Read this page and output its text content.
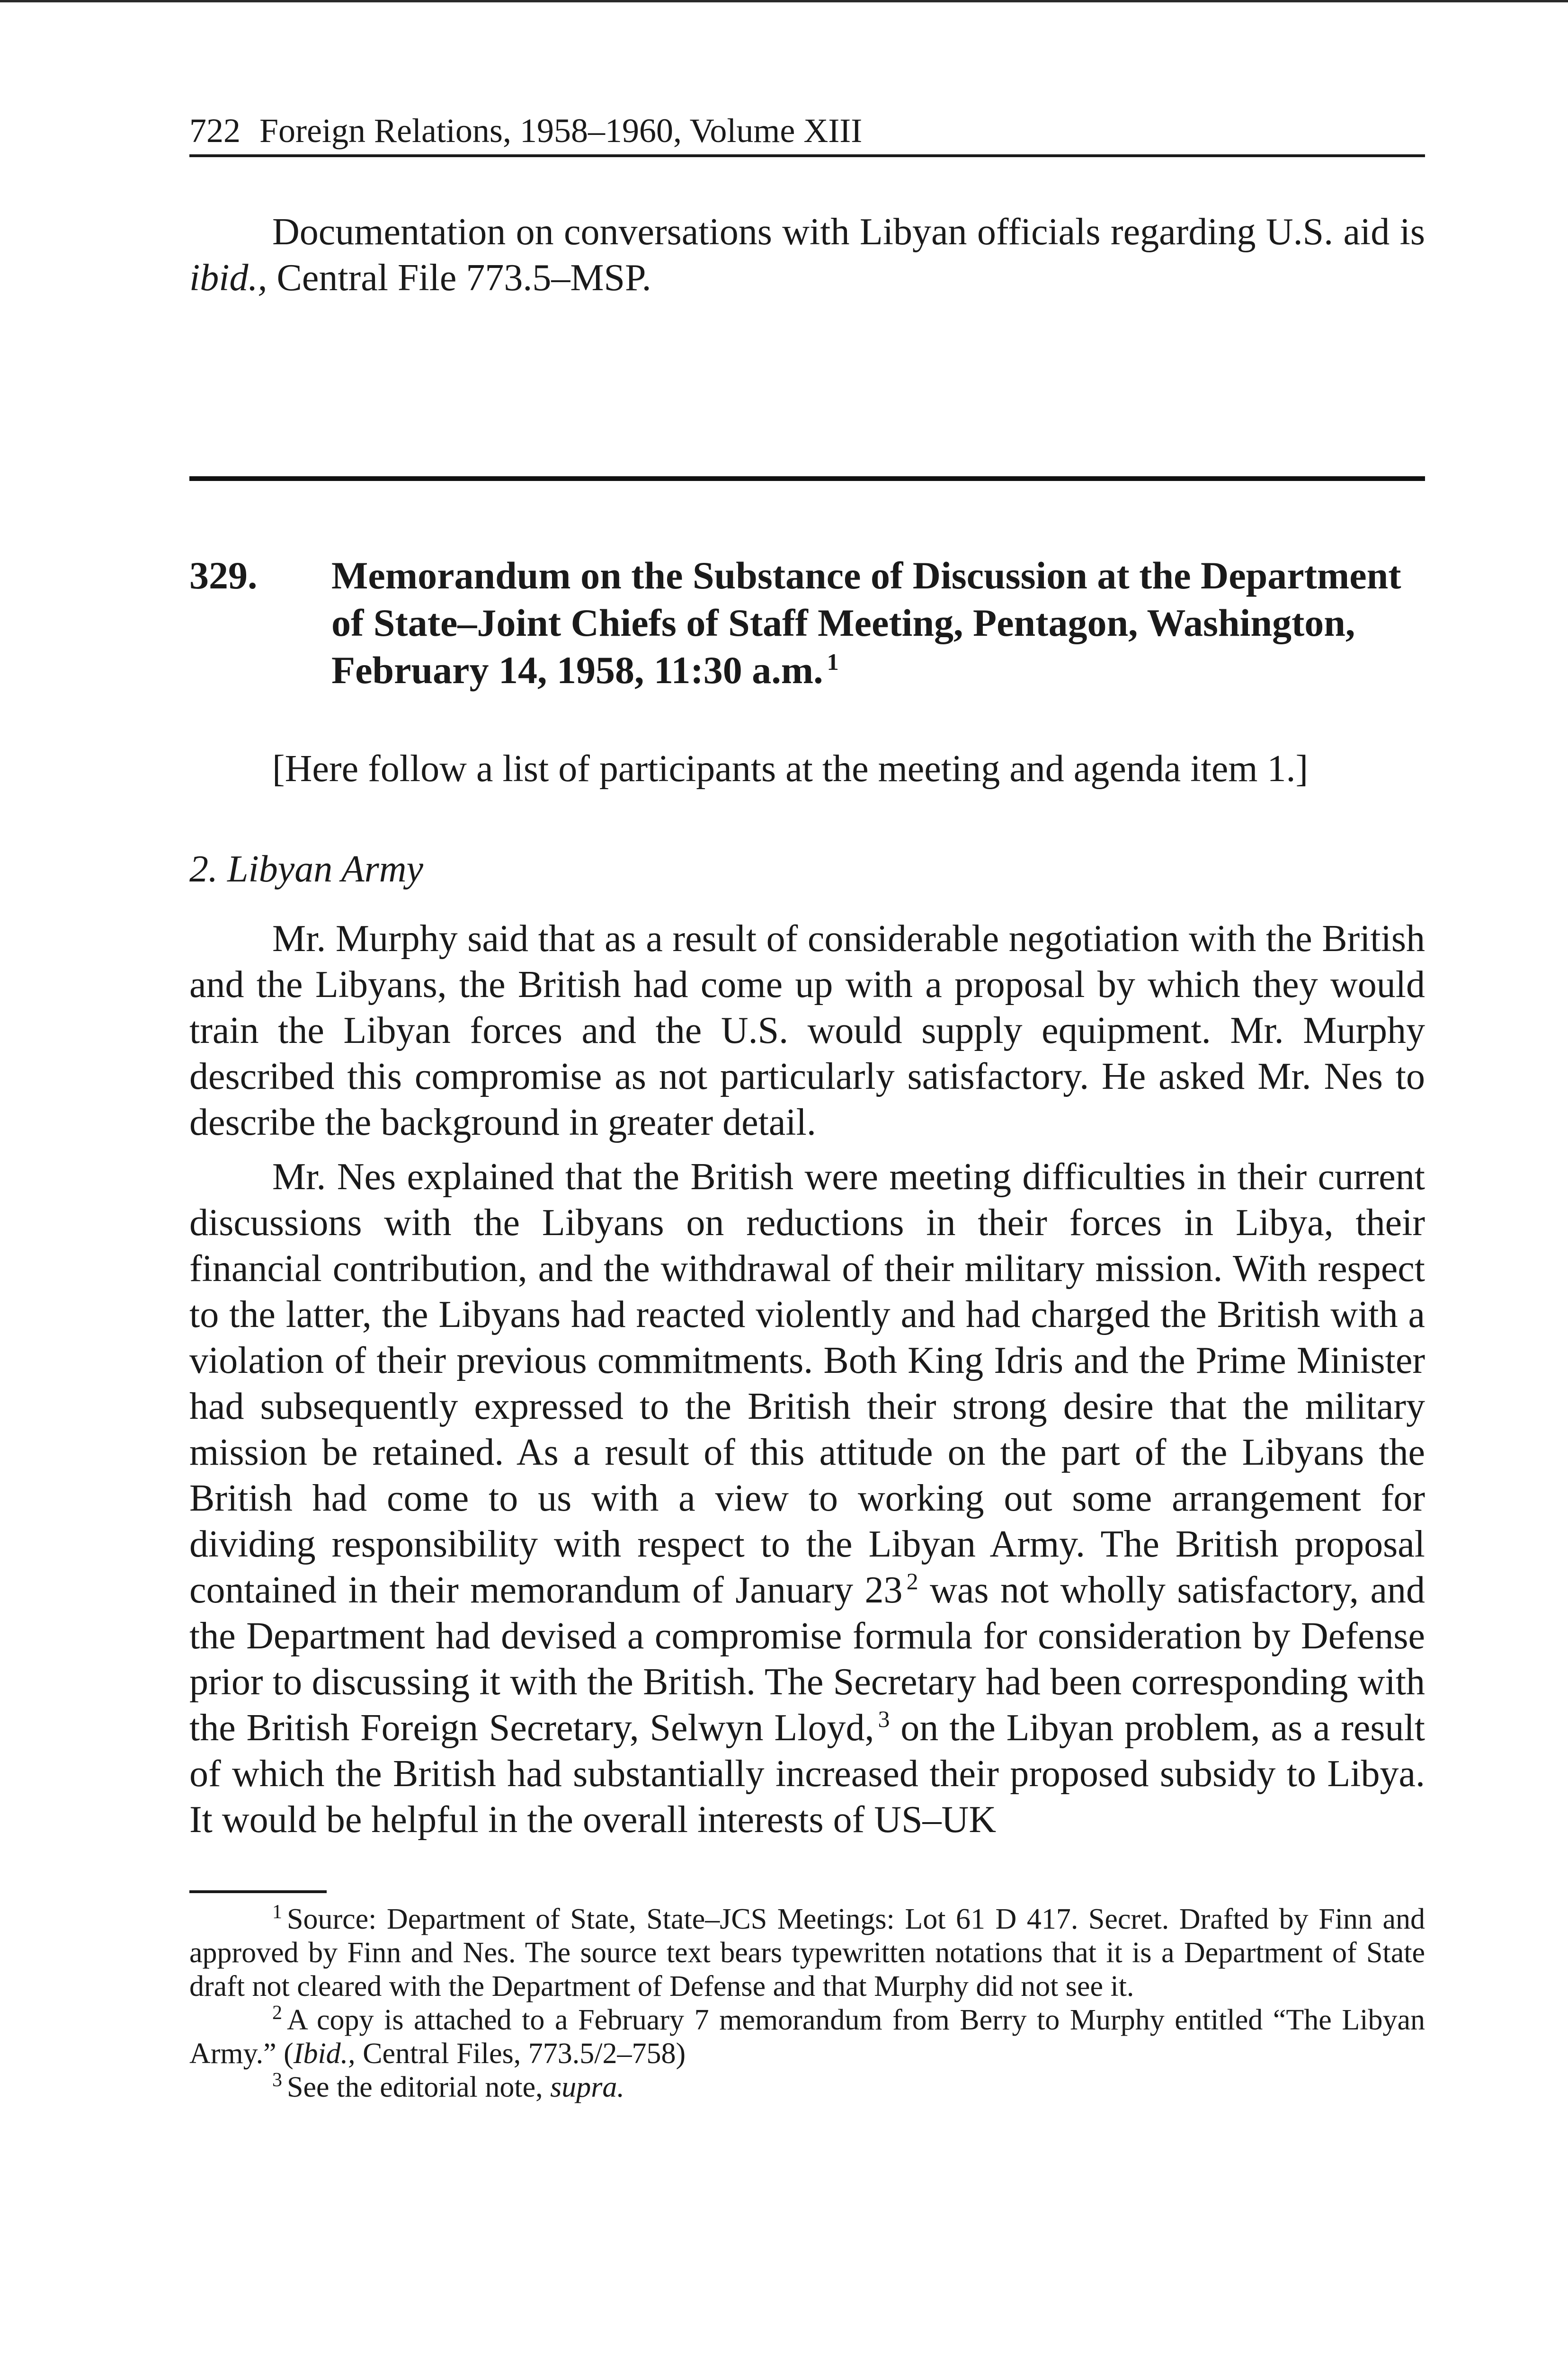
722 Foreign Relations, 1958–1960, Volume XIII

Documentation on conversations with Libyan officials regarding U.S. aid is ibid., Central File 773.5–MSP.

329.	Memorandum on the Substance of Discussion at the Department of State–Joint Chiefs of Staff Meeting, Pentagon, Washington, February 14, 1958, 11:30 a.m. $^1$

[Here follow a list of participants at the meeting and agenda item 1.]

2. Libyan Army

Mr. Murphy said that as a result of considerable negotiation with the British and the Libyans, the British had come up with a proposal by which they would train the Libyan forces and the U.S. would supply equipment. Mr. Murphy described this compromise as not particularly satisfactory. He asked Mr. Nes to describe the background in greater detail.

Mr. Nes explained that the British were meeting difficulties in their current discussions with the Libyans on reductions in their forces in Libya, their financial contribution, and the withdrawal of their military mission. With respect to the latter, the Libyans had reacted violently and had charged the British with a violation of their previous commitments. Both King Idris and the Prime Minister had subsequently expressed to the British their strong desire that the military mission be retained. As a result of this attitude on the part of the Libyans the British had come to us with a view to working out some arrangement for dividing responsibility with respect to the Libyan Army. The British proposal contained in their memorandum of January 23 $^2$ was not wholly satisfactory, and the Department had devised a compromise formula for consideration by Defense prior to discussing it with the British. The Secretary had been corresponding with the British Foreign Secretary, Selwyn Lloyd, $^3$ on the Libyan problem, as a result of which the British had substantially increased their proposed subsidy to Libya. It would be helpful in the overall interests of US–UK

$^1$ Source: Department of State, State–JCS Meetings: Lot 61 D 417. Secret. Drafted by Finn and approved by Finn and Nes. The source text bears typewritten notations that it is a Department of State draft not cleared with the Department of Defense and that Murphy did not see it.

$^2$ A copy is attached to a February 7 memorandum from Berry to Murphy entitled “The Libyan Army.” (Ibid., Central Files, 773.5/2–758)

$^3$ See the editorial note, supra.
